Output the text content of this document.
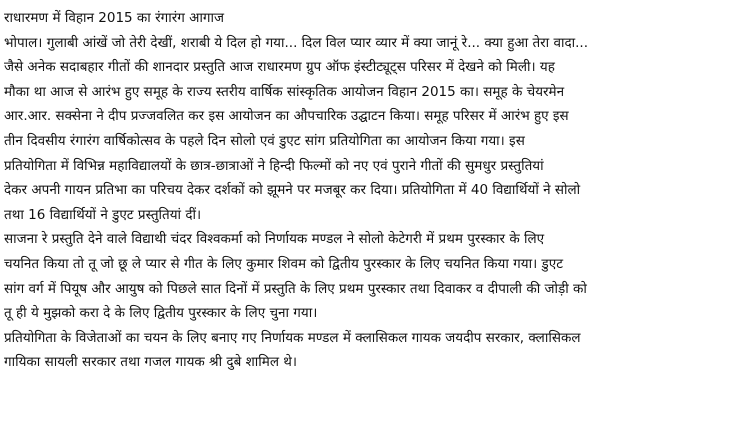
राधारमण में विहान 2015 का रंगारंग आगाज
भोपाल। गुलाबी आंखें जो तेरी देखीं, शराबी ये दिल हो गया... दिल विल प्यार व्यार में क्या जानूं रे... क्या हुआ तेरा वादा...
जैसे अनेक सदाबहार गीतों की शानदार प्रस्तुति आज राधारमण ग्रुप ऑफ इंस्टीट्यूट्स परिसर में देखने को मिली। यह
मौका था आज से आरंभ हुए समूह के राज्य स्तरीय वार्षिक सांस्कृतिक आयोजन विहान 2015 का। समूह के चेयरमेन
आर.आर. सक्सेना ने दीप प्रज्जवलित कर इस आयोजन का औपचारिक उद्घाटन किया। समूह परिसर में आरंभ हुए इस
तीन दिवसीय रंगारंग वार्षिकोत्सव के पहले दिन सोलो एवं डुएट सांग प्रतियोगिता का आयोजन किया गया। इस
प्रतियोगिता में विभिन्न महाविद्यालयों के छात्र-छात्राओं ने हिन्दी फिल्मों को नए एवं पुराने गीतों की सुमधुर प्रस्तुतियां
देकर अपनी गायन प्रतिभा का परिचय देकर दर्शकों को झूमने पर मजबूर कर दिया। प्रतियोगिता में 40 विद्यार्थियों ने सोलो
तथा 16 विद्यार्थियों ने डुएट प्रस्तुतियां दीं।
साजना रे प्रस्तुति देने वाले विद्याथी चंदर विश्वकर्मा को निर्णायक मण्डल ने सोलो केटेगरी में प्रथम पुरस्कार के लिए
चयनित किया तो तू जो छू ले प्यार से गीत के लिए कुमार शिवम को द्वितीय पुरस्कार के लिए चयनित किया गया। डुएट
सांग वर्ग में पियूष और आयुष को पिछले सात दिनों में प्रस्तुति के लिए प्रथम पुरस्कार तथा दिवाकर व दीपाली की जोड़ी को
तू ही ये मुझको करा दे के लिए द्वितीय पुरस्कार के लिए चुना गया।
प्रतियोगिता के विजेताओं का चयन के लिए बनाए गए निर्णायक मण्डल में क्लासिकल गायक जयदीप सरकार, क्लासिकल
गायिका सायली सरकार तथा गजल गायक श्री दुबे शामिल थे।
